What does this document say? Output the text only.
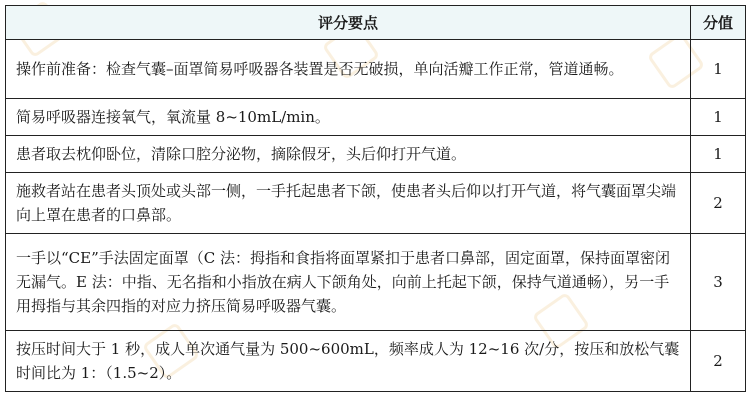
评分要点	分值
操作前准备：检查气囊–面罩简易呼吸器各装置是否无破损，单向活瓣工作正常，管道通畅。	1
简易呼吸器连接氧气，氧流量 8~10mL/min。	1
患者取去枕仰卧位，清除口腔分泌物，摘除假牙，头后仰打开气道。	1
施救者站在患者头顶处或头部一侧，一手托起患者下颌，使患者头后仰以打开气道，将气囊面罩尖端向上罩在患者的口鼻部。	2
一手以“CE”手法固定面罩（C 法：拇指和食指将面罩紧扣于患者口鼻部，固定面罩，保持面罩密闭无漏气。E 法：中指、无名指和小指放在病人下颌角处，向前上托起下颌，保持气道通畅），另一手用拇指与其余四指的对应力挤压简易呼吸器气囊。	3
按压时间大于 1 秒，成人单次通气量为 500~600mL，频率成人为 12~16 次/分，按压和放松气囊时间比为 1：（1.5~2）。	2
